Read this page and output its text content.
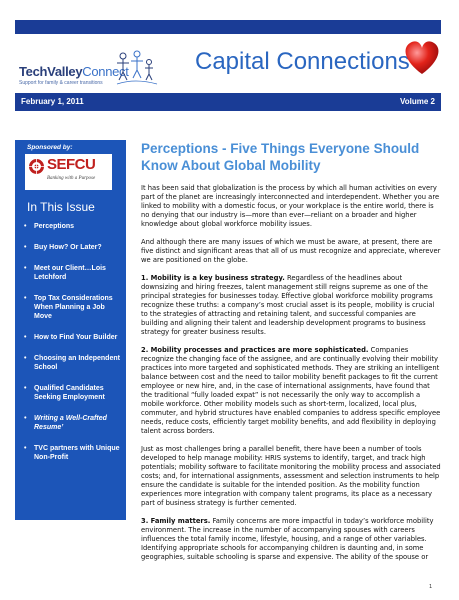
TechValleyConnect
Support for family & career transitions
Capital Connections
February 1, 2011	Volume 2
Sponsored by:
SEFCU
Banking with a Purpose
In This Issue
• Perceptions
• Buy How? Or Later?
• Meet our Client…Lois Letchford
• Top Tax Considerations When Planning a Job Move
• How to Find Your Builder
• Choosing an Independent School
• Qualified Candidates Seeking Employment
• Writing a Well-Crafted Resume’
• TVC partners with Unique Non-Profit
Perceptions - Five Things Everyone Should Know About Global Mobility

It has been said that globalization is the process by which all human activities on every part of the planet are increasingly interconnected and interdependent. Whether you are linked to mobility with a domestic focus, or your workplace is the entire world, there is no denying that our industry is—more than ever—reliant on a broader and higher knowledge about global workforce mobility issues.

And although there are many issues of which we must be aware, at present, there are five distinct and significant areas that all of us must recognize and appreciate, wherever we are positioned on the globe.

1. Mobility is a key business strategy. Regardless of the headlines about downsizing and hiring freezes, talent management still reigns supreme as one of the principal strategies for businesses today. Effective global workforce mobility programs recognize these truths: a company’s most crucial asset is its people, mobility is crucial to the strategies of attracting and retaining talent, and successful companies are building and aligning their talent and leadership development programs to business strategy for greater business results.

2. Mobility processes and practices are more sophisticated. Companies recognize the changing face of the assignee, and are continually evolving their mobility practices into more targeted and sophisticated methods. They are striking an intelligent balance between cost and the need to tailor mobility benefit packages to fit the current employee or new hire, and, in the case of international assignments, have found that the traditional “fully loaded expat” is not necessarily the only way to accomplish a mobile workforce. Other mobility models such as short-term, localized, local plus, commuter, and hybrid structures have enabled companies to address specific employee needs, reduce costs, efficiently target mobility benefits, and add flexibility in deploying talent across borders.

Just as most challenges bring a parallel benefit, there have been a number of tools developed to help manage mobility: HRIS systems to identify, target, and track high potentials; mobility software to facilitate monitoring the mobility process and associated costs; and, for international assignments, assessment and selection instruments to help ensure the candidate is suitable for the intended position. As the mobility function experiences more integration with company talent programs, its place as a necessary part of business strategy is further cemented.

3. Family matters. Family concerns are more impactful in today’s workforce mobility environment. The increase in the number of accompanying spouses with careers influences the total family income, lifestyle, housing, and a range of other variables. Identifying appropriate schools for accompanying children is daunting and, in some geographies, suitable schooling is sparse and expensive. The ability of the spouse or

1
